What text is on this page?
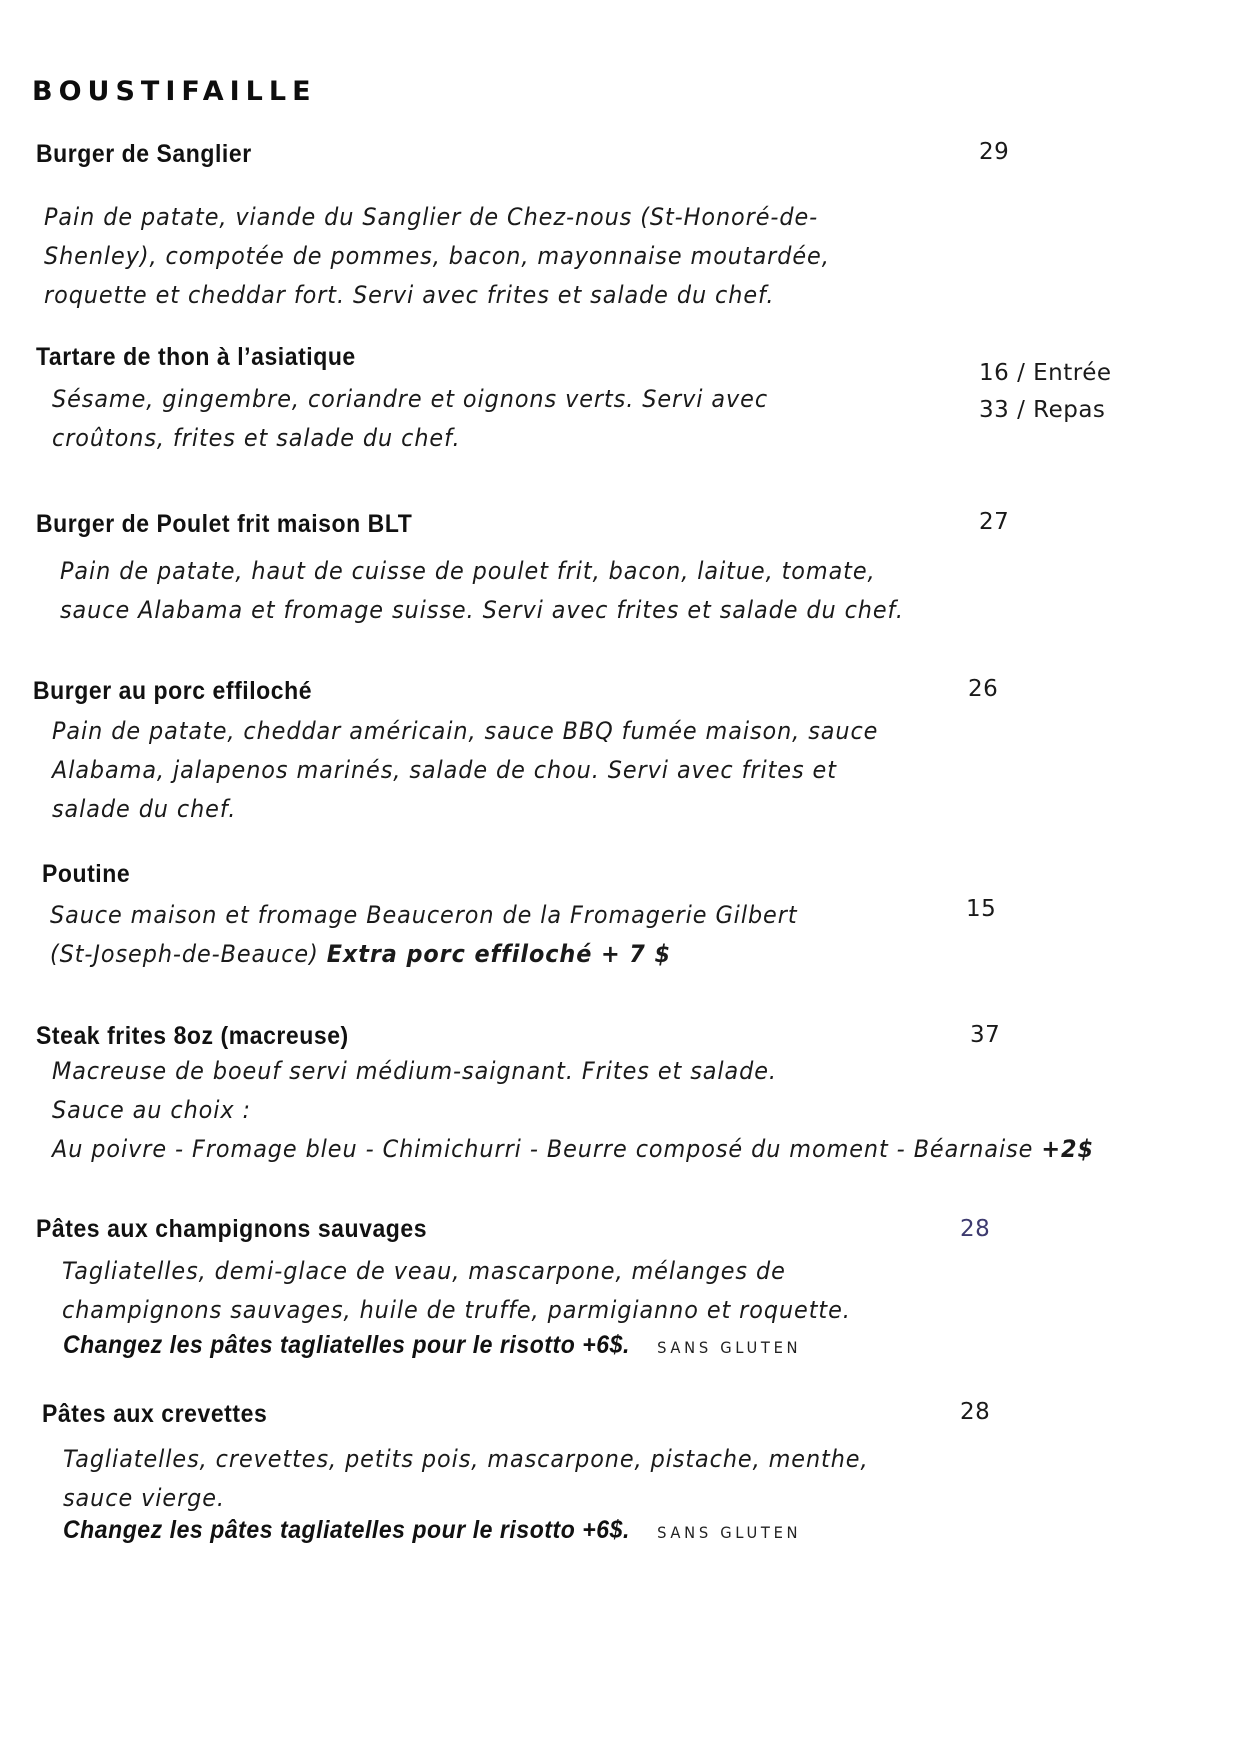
BOUSTIFAILLE
Burger de Sanglier	29
Pain de patate, viande du Sanglier de Chez-nous (St-Honoré-de-
Shenley), compotée de pommes, bacon, mayonnaise moutardée,
roquette et cheddar fort. Servi avec frites et salade du chef.
Tartare de thon à l’asiatique
16 / Entrée
33 / Repas
Sésame, gingembre, coriandre et oignons verts. Servi avec
croûtons, frites et salade du chef.
Burger de Poulet frit maison BLT	27
Pain de patate, haut de cuisse de poulet frit, bacon, laitue, tomate,
sauce Alabama et fromage suisse. Servi avec frites et salade du chef.
Burger au porc effiloché	26
Pain de patate, cheddar américain, sauce BBQ fumée maison, sauce
Alabama, jalapenos marinés, salade de chou. Servi avec frites et
salade du chef.
Poutine
15
Sauce maison et fromage Beauceron de la Fromagerie Gilbert
(St-Joseph-de-Beauce) Extra porc effiloché + 7 $
Steak frites 8oz (macreuse)	37
Macreuse de boeuf servi médium-saignant. Frites et salade.
Sauce au choix :
Au poivre - Fromage bleu - Chimichurri - Beurre composé du moment - Béarnaise +2$
Pâtes aux champignons sauvages	28
Tagliatelles, demi-glace de veau, mascarpone, mélanges de
champignons sauvages, huile de truffe, parmigianno et roquette.
Changez les pâtes tagliatelles pour le risotto +6$. SANS GLUTEN
Pâtes aux crevettes	28
Tagliatelles, crevettes, petits pois, mascarpone, pistache, menthe,
sauce vierge.
Changez les pâtes tagliatelles pour le risotto +6$. SANS GLUTEN
